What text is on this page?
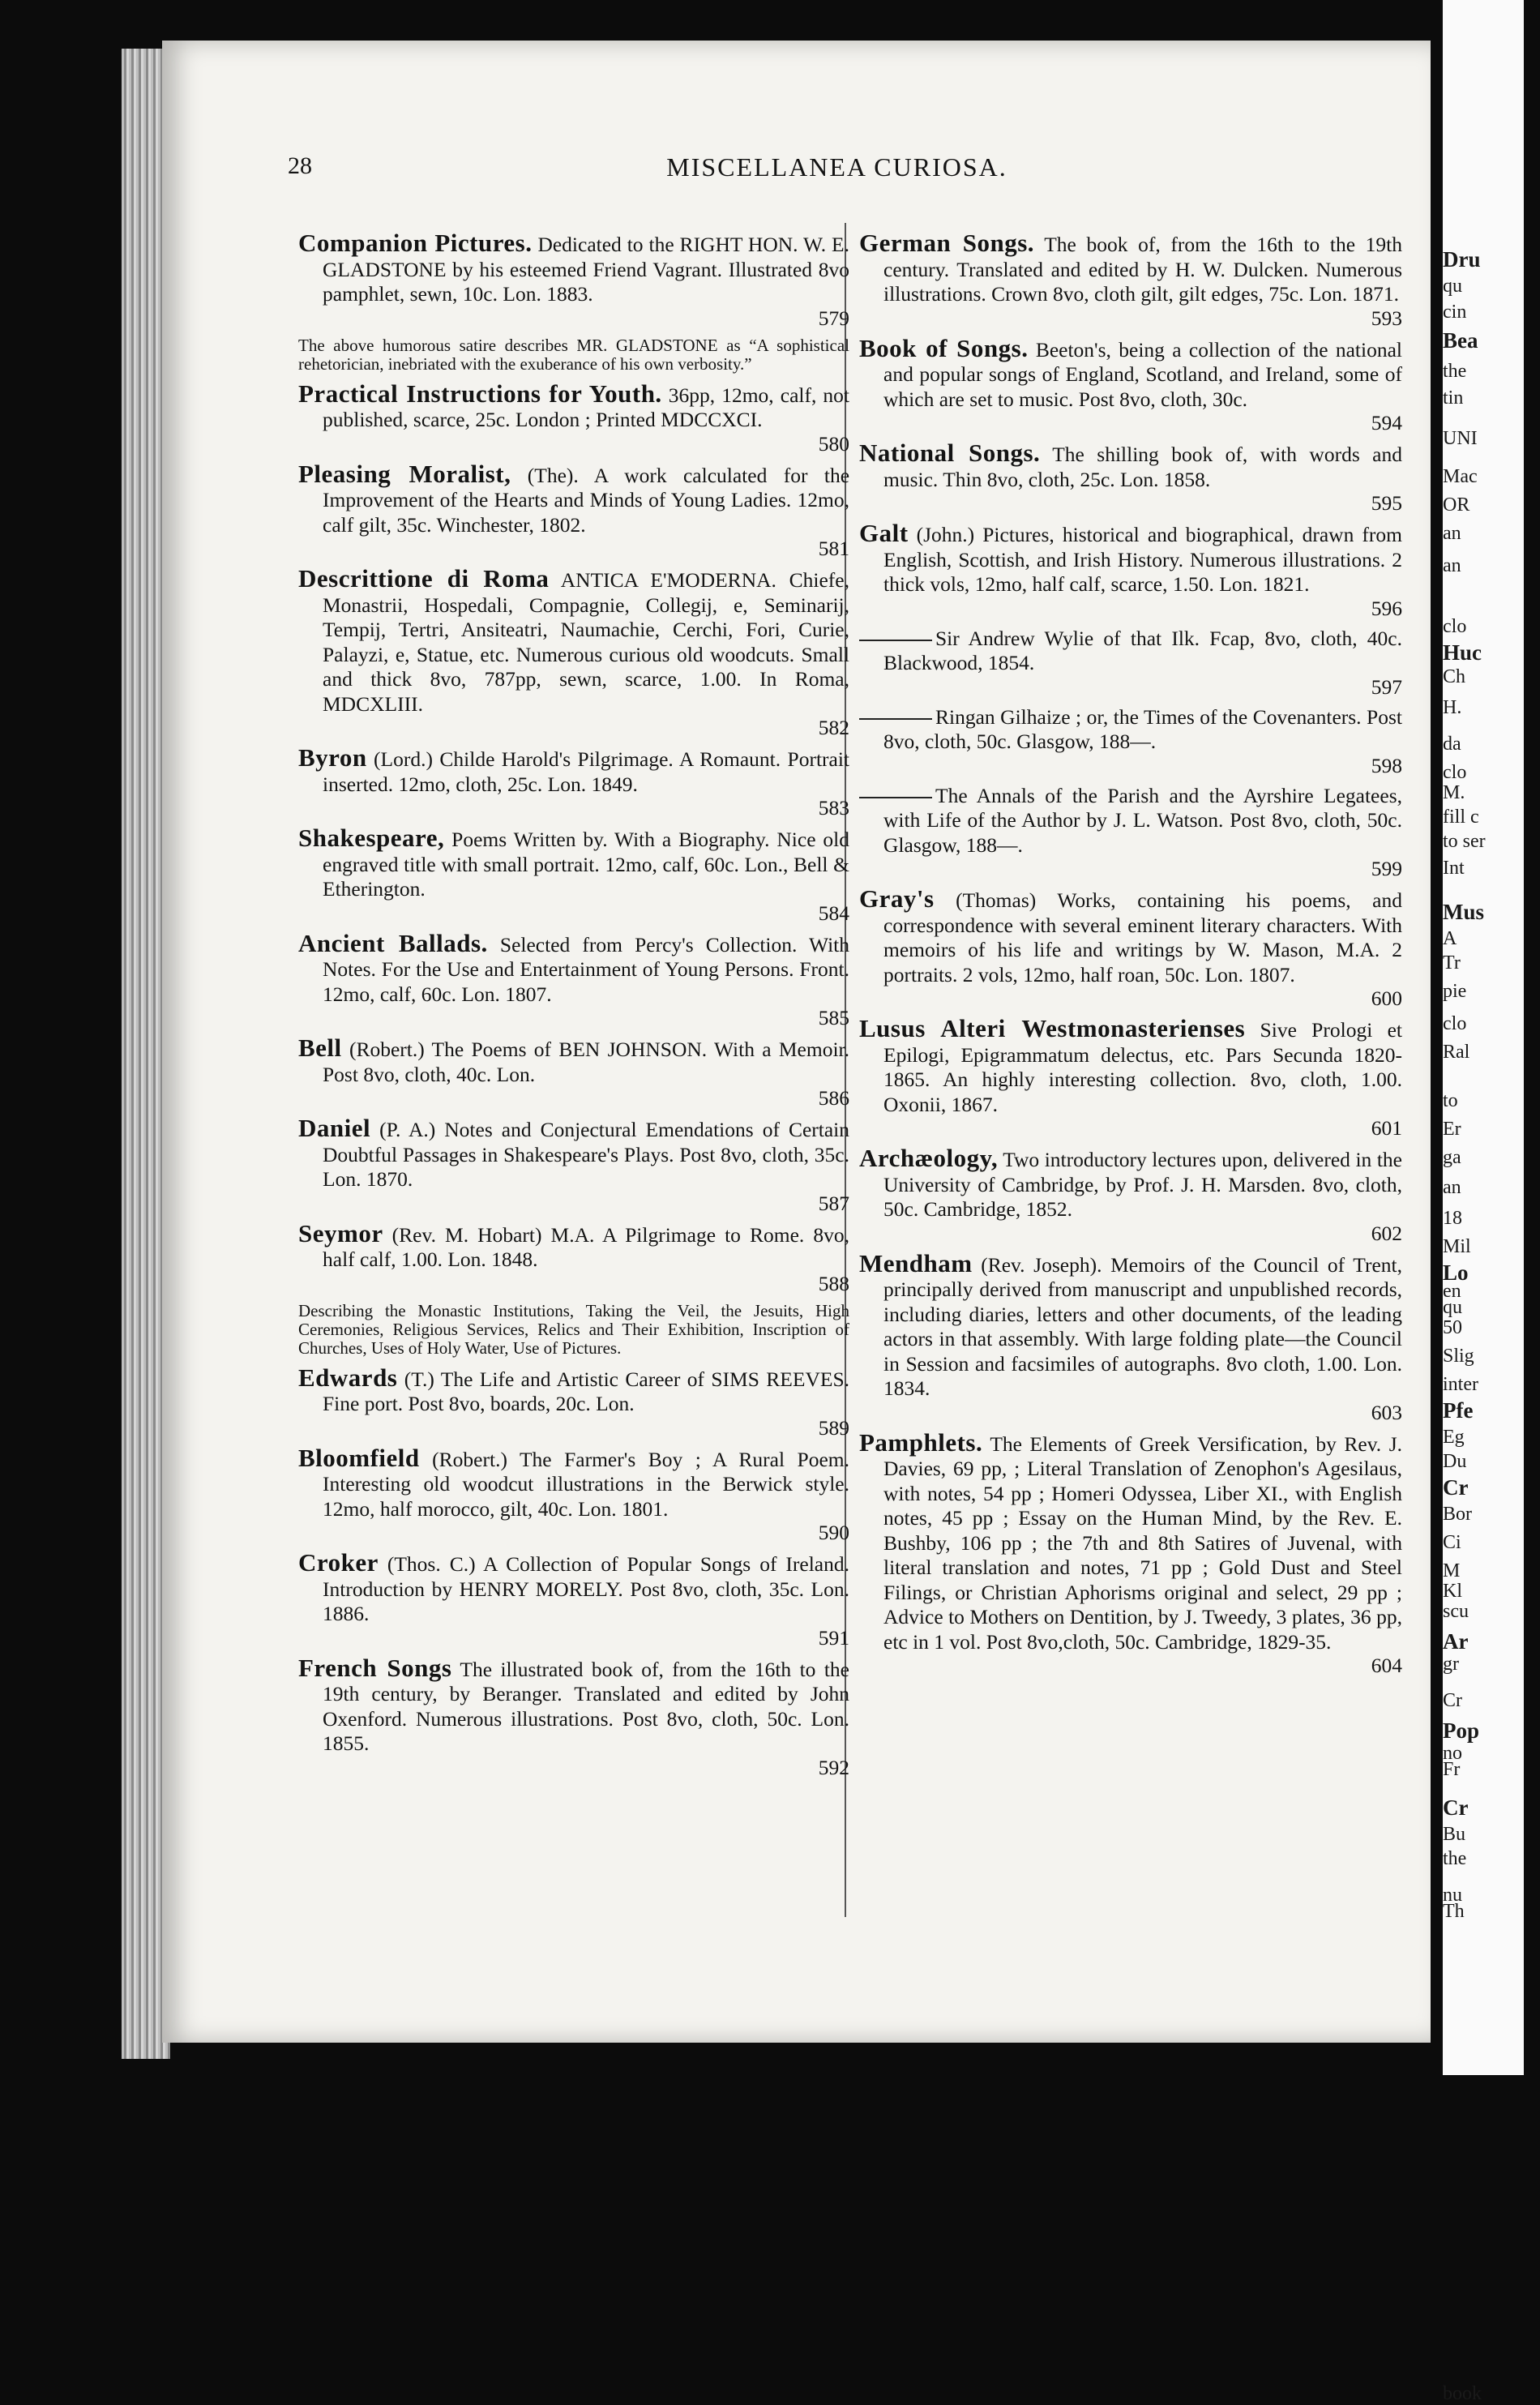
28	MISCELLANEA CURIOSA.
Companion Pictures. Dedicated to the RIGHT HON. W. E. GLADSTONE by his esteemed Friend Vagrant. Illustrated 8vo pamphlet, sewn, 10c. Lon. 1883.
579
The above humorous satire describes MR. GLADSTONE as “A sophistical rehetorician, inebriated with the exuberance of his own verbosity.”
Practical Instructions for Youth. 36pp, 12mo, calf, not published, scarce, 25c. London ; Printed MDCCXCI.
580
Pleasing Moralist, (The). A work calculated for the Improvement of the Hearts and Minds of Young Ladies. 12mo, calf gilt, 35c. Winchester, 1802.
581
Descrittione di Roma ANTICA E'MODERNA. Chiefe, Monastrii, Hospedali, Compagnie, Collegij, e, Seminarij, Tempij, Tertri, Ansiteatri, Naumachie, Cerchi, Fori, Curie, Palayzi, e, Statue, etc. Numerous curious old woodcuts. Small and thick 8vo, 787pp, sewn, scarce, 1.00. In Roma, MDCXLIII.
582
Byron (Lord.) Childe Harold's Pilgrimage. A Romaunt. Portrait inserted. 12mo, cloth, 25c. Lon. 1849.
583
Shakespeare, Poems Written by. With a Biography. Nice old engraved title with small portrait. 12mo, calf, 60c. Lon., Bell & Etherington.
584
Ancient Ballads. Selected from Percy's Collection. With Notes. For the Use and Entertainment of Young Persons. Front. 12mo, calf, 60c. Lon. 1807.
585
Bell (Robert.) The Poems of BEN JOHNSON. With a Memoir. Post 8vo, cloth, 40c. Lon.
586
Daniel (P. A.) Notes and Conjectural Emendations of Certain Doubtful Passages in Shakespeare's Plays. Post 8vo, cloth, 35c. Lon. 1870.
587
Seymor (Rev. M. Hobart) M.A. A Pilgrimage to Rome. 8vo, half calf, 1.00. Lon. 1848.
588
Describing the Monastic Institutions, Taking the Veil, the Jesuits, High Ceremonies, Religious Services, Relics and Their Exhibition, Inscription of Churches, Uses of Holy Water, Use of Pictures.
Edwards (T.) The Life and Artistic Career of SIMS REEVES. Fine port. Post 8vo, boards, 20c. Lon.
589
Bloomfield (Robert.) The Farmer's Boy ; A Rural Poem. Interesting old woodcut illustrations in the Berwick style. 12mo, half morocco, gilt, 40c. Lon. 1801.
590
Croker (Thos. C.) A Collection of Popular Songs of Ireland. Introduction by HENRY MORELY. Post 8vo, cloth, 35c. Lon. 1886.
591
French Songs The illustrated book of, from the 16th to the 19th century, by Beranger. Translated and edited by John Oxenford. Numerous illustrations. Post 8vo, cloth, 50c. Lon. 1855.
592
German Songs. The book of, from the 16th to the 19th century. Translated and edited by H. W. Dulcken. Numerous illustrations. Crown 8vo, cloth gilt, gilt edges, 75c. Lon. 1871.
593
Book of Songs. Beeton's, being a collection of the national and popular songs of England, Scotland, and Ireland, some of which are set to music. Post 8vo, cloth, 30c.
594
National Songs. The shilling book of, with words and music. Thin 8vo, cloth, 25c. Lon. 1858.
595
Galt (John.) Pictures, historical and biographical, drawn from English, Scottish, and Irish History. Numerous illustrations. 2 thick vols, 12mo, half calf, scarce, 1.50. Lon. 1821.
596
Sir Andrew Wylie of that Ilk. Fcap, 8vo, cloth, 40c. Blackwood, 1854.
597
Ringan Gilhaize ; or, the Times of the Covenanters. Post 8vo, cloth, 50c. Glasgow, 188—.
598
The Annals of the Parish and the Ayrshire Legatees, with Life of the Author by J. L. Watson. Post 8vo, cloth, 50c. Glasgow, 188—.
599
Gray's (Thomas) Works, containing his poems, and correspondence with several eminent literary characters. With memoirs of his life and writings by W. Mason, M.A. 2 portraits. 2 vols, 12mo, half roan, 50c. Lon. 1807.
600
Lusus Alteri Westmonasterienses Sive Prologi et Epilogi, Epigrammatum delectus, etc. Pars Secunda 1820-1865. An highly interesting collection. 8vo, cloth, 1.00. Oxonii, 1867.
601
Archæology, Two introductory lectures upon, delivered in the University of Cambridge, by Prof. J. H. Marsden. 8vo, cloth, 50c. Cambridge, 1852.
602
Mendham (Rev. Joseph). Memoirs of the Council of Trent, principally derived from manuscript and unpublished records, including diaries, letters and other documents, of the leading actors in that assembly. With large folding plate—the Council in Session and facsimiles of autographs. 8vo cloth, 1.00. Lon. 1834.
603
Pamphlets. The Elements of Greek Versification, by Rev. J. Davies, 69 pp, ; Literal Translation of Zenophon's Agesilaus, with notes, 54 pp ; Homeri Odyssea, Liber XI., with English notes, 45 pp ; Essay on the Human Mind, by the Rev. E. Bushby, 106 pp ; the 7th and 8th Satires of Juvenal, with literal translation and notes, 71 pp ; Gold Dust and Steel Filings, or Christian Aphorisms original and select, 29 pp ; Advice to Mothers on Dentition, by J. Tweedy, 3 plates, 36 pp, etc in 1 vol. Post 8vo,cloth, 50c. Cambridge, 1829-35.
604
Dru
qu
cin
Bea
the
tin
UNI
Mac
OR
an
an
clo
Huc
Ch
H.
da
clo
M.
fill c
to ser
Int
Mus
A
Tr
pie
clo
Ral
to
Er
ga
an
18
Mil
Lo
en
qu
50
Slig
inter
Pfe
Eg
Du
Cr
Bor
Ci
M
Kl
scu
Ar
gr
Cr
Pop
no
Fr
Cr
Bu
the
nu
Th
book
